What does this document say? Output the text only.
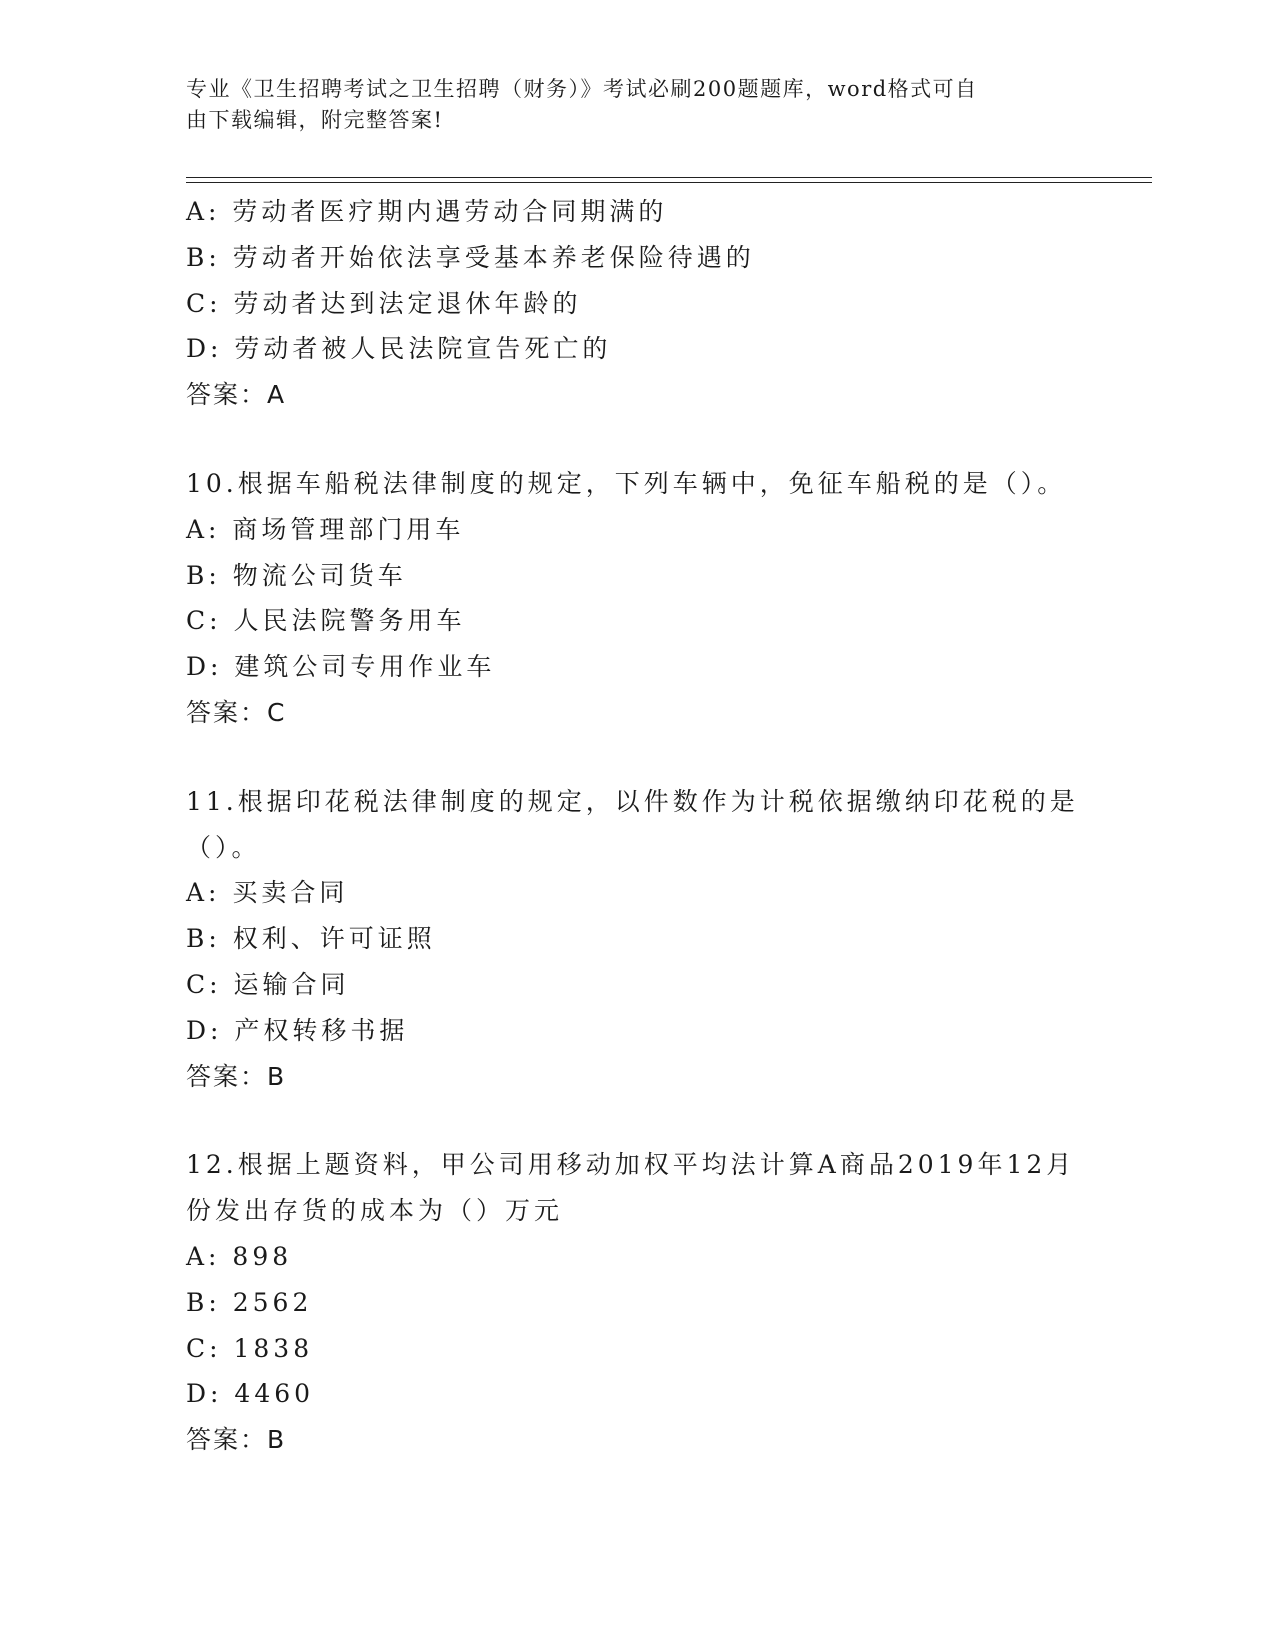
专业《卫生招聘考试之卫生招聘（财务）》考试必刷200题题库，word格式可自
由下载编辑，附完整答案!
A: 劳动者医疗期内遇劳动合同期满的
B: 劳动者开始依法享受基本养老保险待遇的
C: 劳动者达到法定退休年龄的
D: 劳动者被人民法院宣告死亡的
答案：A
10.根据车船税法律制度的规定，下列车辆中，免征车船税的是（）。
A: 商场管理部门用车
B: 物流公司货车
C: 人民法院警务用车
D: 建筑公司专用作业车
答案：C
11.根据印花税法律制度的规定，以件数作为计税依据缴纳印花税的是
（）。
A: 买卖合同
B: 权利、许可证照
C: 运输合同
D: 产权转移书据
答案：B
12.根据上题资料，甲公司用移动加权平均法计算A商品2019年12月
份发出存货的成本为（）万元
A: 898
B: 2562
C: 1838
D: 4460
答案：B
